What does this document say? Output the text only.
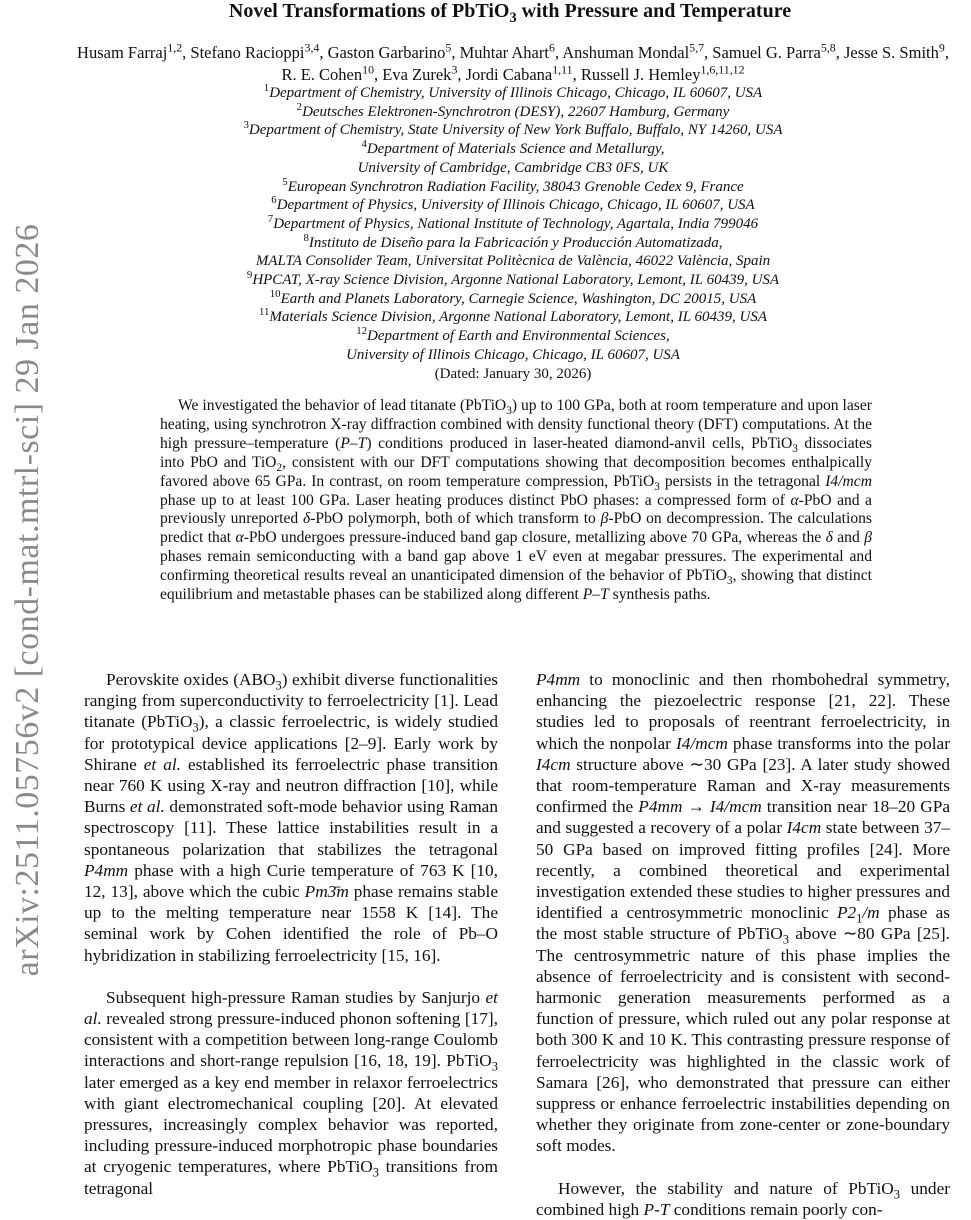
arXiv:2511.05756v2 [cond-mat.mtrl-sci] 29 Jan 2026
Novel Transformations of PbTiO$_3$ with Pressure and Temperature
Husam Farraj$^{1,2}$, Stefano Racioppi$^{3,4}$, Gaston Garbarino$^5$, Muhtar Ahart$^6$, Anshuman Mondal$^{5,7}$, Samuel G. Parra$^{5,8}$, Jesse S. Smith$^9$, R. E. Cohen$^{10}$, Eva Zurek$^3$, Jordi Cabana$^{1,11}$, Russell J. Hemley$^{1,6,11,12}$
$^1$Department of Chemistry, University of Illinois Chicago, Chicago, IL 60607, USA
$^2$Deutsches Elektronen-Synchrotron (DESY), 22607 Hamburg, Germany
$^3$Department of Chemistry, State University of New York Buffalo, Buffalo, NY 14260, USA
$^4$Department of Materials Science and Metallurgy,
University of Cambridge, Cambridge CB3 0FS, UK
$^5$European Synchrotron Radiation Facility, 38043 Grenoble Cedex 9, France
$^6$Department of Physics, University of Illinois Chicago, Chicago, IL 60607, USA
$^7$Department of Physics, National Institute of Technology, Agartala, India 799046
$^8$Instituto de Diseño para la Fabricación y Producción Automatizada,
MALTA Consolider Team, Universitat Politècnica de València, 46022 València, Spain
$^9$HPCAT, X-ray Science Division, Argonne National Laboratory, Lemont, IL 60439, USA
$^{10}$Earth and Planets Laboratory, Carnegie Science, Washington, DC 20015, USA
$^{11}$Materials Science Division, Argonne National Laboratory, Lemont, IL 60439, USA
$^{12}$Department of Earth and Environmental Sciences,
University of Illinois Chicago, Chicago, IL 60607, USA
(Dated: January 30, 2026)
We investigated the behavior of lead titanate (PbTiO$_3$) up to 100 GPa, both at room temperature and upon laser heating, using synchrotron X-ray diffraction combined with density functional theory (DFT) computations. At the high pressure–temperature (P–T) conditions produced in laser-heated diamond-anvil cells, PbTiO$_3$ dissociates into PbO and TiO$_2$, consistent with our DFT computations showing that decomposition becomes enthalpically favored above 65 GPa. In contrast, on room temperature compression, PbTiO$_3$ persists in the tetragonal I4/mcm phase up to at least 100 GPa. Laser heating produces distinct PbO phases: a compressed form of α-PbO and a previously unreported δ-PbO polymorph, both of which transform to β-PbO on decompression. The calculations predict that α-PbO undergoes pressure-induced band gap closure, metallizing above 70 GPa, whereas the δ and β phases remain semiconducting with a band gap above 1 eV even at megabar pressures. The experimental and confirming theoretical results reveal an unanticipated dimension of the behavior of PbTiO$_3$, showing that distinct equilibrium and metastable phases can be stabilized along different P–T synthesis paths.

Perovskite oxides $(ABO_3)$ exhibit diverse functionalities ranging from superconductivity to ferroelectricity [1]. Lead titanate (PbTiO$_3$), a classic ferroelectric, is widely studied for prototypical device applications [2–9]. Early work by Shirane et al. established its ferroelectric phase transition near 760 K using X-ray and neutron diffraction [10], while Burns et al. demonstrated soft-mode behavior using Raman spectroscopy [11]. These lattice instabilities result in a spontaneous polarization that stabilizes the tetragonal P4mm phase with a high Curie temperature of 763 K [10, 12, 13], above which the cubic Pm3̄m phase remains stable up to the melting temperature near 1558 K [14]. The seminal work by Cohen identified the role of Pb–O hybridization in stabilizing ferroelectricity [15, 16].

Subsequent high-pressure Raman studies by Sanjurjo et al. revealed strong pressure-induced phonon softening [17], consistent with a competition between long-range Coulomb interactions and short-range repulsion [16, 18, 19]. PbTiO$_3$ later emerged as a key end member in relaxor ferroelectrics with giant electromechanical coupling [20]. At elevated pressures, increasingly complex behavior was reported, including pressure-induced morphotropic phase boundaries at cryogenic temperatures, where PbTiO$_3$ transitions from tetragonal

P4mm to monoclinic and then rhombohedral symmetry, enhancing the piezoelectric response [21, 22]. These studies led to proposals of reentrant ferroelectricity, in which the nonpolar I4/mcm phase transforms into the polar I4cm structure above ∼30 GPa [23]. A later study showed that room-temperature Raman and X-ray measurements confirmed the P4mm → I4/mcm transition near 18–20 GPa and suggested a recovery of a polar I4cm state between 37–50 GPa based on improved fitting profiles [24]. More recently, a combined theoretical and experimental investigation extended these studies to higher pressures and identified a centrosymmetric monoclinic $P2_1/m$ phase as the most stable structure of PbTiO$_3$ above ∼80 GPa [25]. The centrosymmetric nature of this phase implies the absence of ferroelectricity and is consistent with second-harmonic generation measurements performed as a function of pressure, which ruled out any polar response at both 300 K and 10 K. This contrasting pressure response of ferroelectricity was highlighted in the classic work of Samara [26], who demonstrated that pressure can either suppress or enhance ferroelectric instabilities depending on whether they originate from zone-center or zone-boundary soft modes.

However, the stability and nature of PbTiO$_3$ under combined high P-T conditions remain poorly con-
